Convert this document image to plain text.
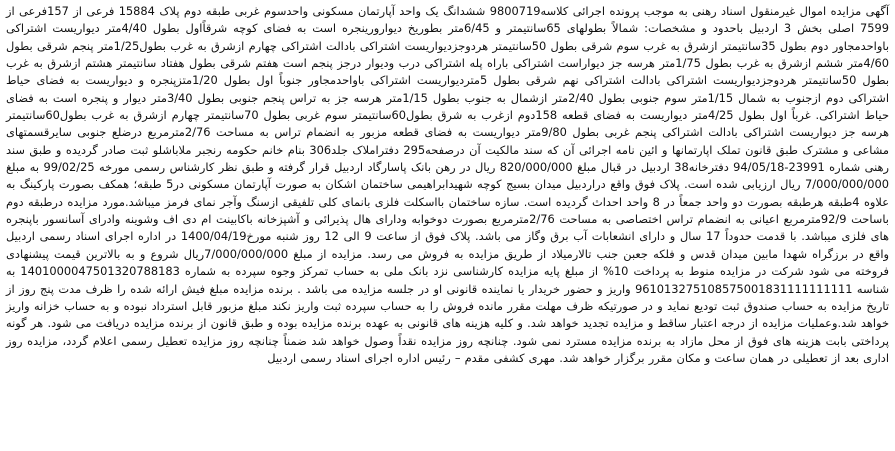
آگهی مزایده اموال غیرمنقول اسناد رهنی به موجب پرونده اجرائی کلاسه9800719 ششدانگ یک واحد آپارتمان مسکونی واحدسوم غربی طبقه دوم پلاک 15884 فرعی از 157فرعی از 7599 اصلی بخش 3 اردبیل باحدود و مشخصات: شمالاً بطولهای 65سانتیمتر و 6/45متر بطوریخ دیوارورینجره است به فضای کوچه شرقاًاول بطول 4/40متر دیواریست اشتراکی باواحدمجاور دوم بطول 35سانتیمتر ازشرق به غرب سوم شرقی بطول 50سانتیمتر هردوجزدیواریست اشتراکی بادالت اشتراکی چهارم ازشرق به غرب بطول1/25متر پنجم شرقی بطول 4/60متر ششم ازشرق به غرب بطول 1/75متر هرسه جز دیواراست اشتراکی باراه پله اشتراکی درب ودیوار درجز پنجم است هفتم شرقی بطول هفتاد سانتیمتر هشتم ازشرق به غرب بطول 50سانتیمتر هردوجزدیواریست اشتراکی بادالت اشتراکی نهم شرقی بطول 5متردیواریست اشتراکی باواحدمجاور جنوباً اول بطول 1/20متزپنجره و دیواریست به فضای حیاط اشتراکی دوم ازجنوب به شمال 1/15متر سوم جنوبی بطول 2/40متر ازشمال به جنوب بطول 1/15متر هرسه جز به تراس پنجم جنوبی بطول 3/40متر دیوار و پنجره است به فضای حیاط اشتراکی. غرباً اول بطول 4/25متر دیواریست به فضای قطعه 158دوم ازغرب به شرق بطول60سانتیمتر سوم غربی بطول 70سانتیمتر چهارم ازشرق به غرب بطول60سانتیمتر هرسه جز دیواریست اشتراکی بادالت اشتراکی پنجم غربی بطول 9/80متر دیواریست به فضای قطعه مزبور به انضمام تراس به مساحت 2/76مترمربع درضلع جنوبی سایرقسمتهای مشاعی و مشترک طبق قانون تملک اپارتمانها و ائین نامه اجرائی آن که سند مالکیت آن درصفحه295 دفتراملاک جلد306 بنام خانم حکومه رنجبر ملاباشلو ثبت صادر گردیده و طبق سند رهنی شماره 23991-94/05/18 دفترخانه38 اردبیل در قبال مبلغ 820/000/000 ریال در رهن بانک پاسارگاد اردبیل قرار گرفته و طبق نظر کارشناس رسمی مورخه 99/02/25 به مبلغ 7/000/000/000 ریال ارزیابی شده است. پلاک فوق واقع دراردبیل میدان بسیج کوچه شهیدابراهیمی ساختمان اشکان به صورت آپارتمان مسکونی در5 طبقه؛ همکف بصورت پارکینگ به علاوه 4طبقه هرطبقه بصورت دو واحد جمعاً در 8 واحد احداث گردیده است. سازه ساختمان بااسکلت فلزی بانمای کلی تلفیقی ازسنگ وآجر نمای فرمز میباشد.مورد مزایده درطبقه دوم باساحت 92/9مترمربع اعیانی به انضمام تراس اختصاصی به مساحت 2/76مترمربع بصورت دوخوابه ودارای هال پذیرائی و آشپزخانه باکابینت ام دی اف وشوینه وادرای آسانسور باپنجره های فلزی میباشد. با قدمت حدوداً 17 سال و دارای انشعابات آب برق وگاز می باشد. پلاک فوق از ساعت 9 الی 12 روز شنبه مورخ1400/04/19 در اداره اجرای اسناد رسمی اردبیل واقع در برزگراه شهدا مابین میدان قدس و فلکه جعبن جنب تالارمیلاد از طریق مزایده به فروش می رسد. مزایده از مبلغ 7/000/000/000ریال شروع و به بالاترین قیمت پیشنهادی فروخته می شود شرکت در مزایده منوط به پرداخت 10% از مبلغ پایه مزایده کارشناسی نزد بانک ملی به حساب تمرکز وجوه سپرده به شماره 1401000047501320788183 به شناسه 961013275108575001831111111111 واریز و حضور خریدار یا نماینده قانونی او در جلسه مزایده می باشد . برنده مزایده مبلغ فیش ارائه شده را ظرف مدت پنج روز از تاریخ مزایده به حساب صندوق ثبت تودیع نماید و در صورتیکه ظرف مهلت مقرر مانده فروش را به حساب سپرده ثبت واریز نکند مبلغ مزبور قابل استرداد نبوده و به حساب خزانه واریز خواهد شد.وعملیات مزایده از درجه اعتبار ساقط و مزایده تجدید خواهد شد. و کلیه هزینه های قانونی به عهده برنده مزایده بوده و طبق قانون از برنده مزایده دریافت می شود. هر گونه پرداختی بابت هزینه های فوق از محل مازاد به برنده مزایده مسترد نمی شود. چنانچه روز مزایده نقداً وصول خواهد شد ضمناً چنانچه روز مزایده تعطیل رسمی اعلام گردد، مزایده روز اداری بعد از تعطیلی در همان ساعت و مکان مقرر برگزار خواهد شد. مهری کشفی مقدم – رئیس اداره اجرای اسناد رسمی اردبیل
